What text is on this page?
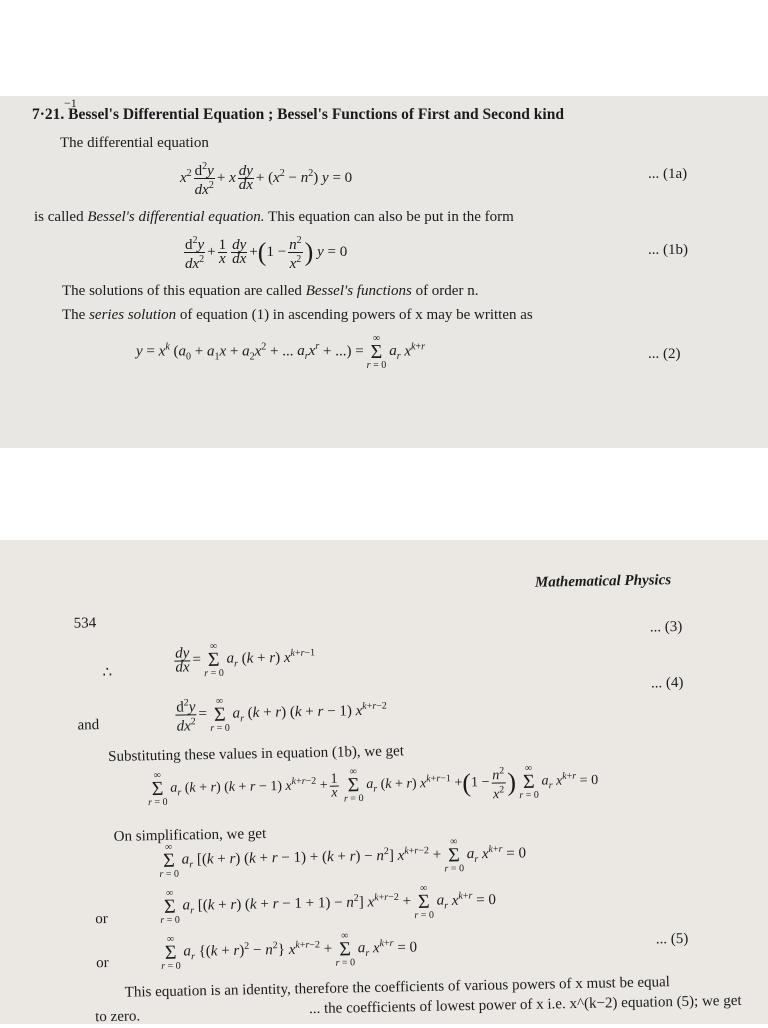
−1
7·21. Bessel's Differential Equation ; Bessel's Functions of First and Second kind
The differential equation
$x^2 \frac{d^2y}{dx^2} + x \frac{dy}{dx} + (x^2 - n^2) y = 0$	... (1a)
is called Bessel's differential equation. This equation can also be put in the form
$\frac{d^2y}{dx^2} + \frac{1}{x} \frac{dy}{dx} +(1 - \frac{n^2}{x^2}$ ) y = 0	... (1b)
The solutions of this equation are called Bessel's functions of order n.
The series solution of equation (1) in ascending powers of x may be written as
$y = x^k$ ($a_0 + a_1x + a_2x^2$ + ... $a_rx^r$ + ...) =
∞
Σ
r = 0
$a_r$ $x^{k+r}$	... (2)
Mathematical Physics
534	... (3)
∴	$\frac{dy}{dx}$ =
∞
Σ
r = 0
$a_r$ (k + r) $x^{k+r-1}$
... (4)
and	$\frac{d^2y}{dx^2}$ =
∞
Σ
r = 0
$a_r$ (k + r) (k + r − 1) $x^{k+r-2}$
Substituting these values in equation (1b), we get
∞
Σ
r = 0
$a_r$ (k + r) (k + r − 1) $x^{k+r-2} + \frac{1}{x}$
∞
Σ
r = 0
$a_r$ (k + r) $x^{k+r-1} +(1 - \frac{n^2}{x^2}$ ) ∞
Σ
r = 0
$a_r$ $x^{k+r} = 0$
On simplification, we get
∞
Σ
r = 0
$a_r$ [(k + r) $(k + r - 1) + (k + r) - n^2$] $x^{k+r-2}$ +
∞
Σ
r = 0
$a_r$ $x^{k+r} = 0$
or
∞
Σ
r = 0
$a_r$ [(k + r) $(k + r - 1 + 1) - n^2$] $x^{k+r-2}$ +
∞
Σ
r = 0
$a_r$ $x^{k+r} = 0$
or
∞
Σ
r = 0
$a_r$ $\{(k + r)^2 - n^2\}$ $x^{k+r-2}$ +
∞
Σ
r = 0
$a_r$ $x^{k+r} = 0$
... (5)
This equation is an identity, therefore the coefficients of various powers of x must be equal
to zero.	... the coefficients of lowest power of x i.e. x^(k−2) equation (5); we get
